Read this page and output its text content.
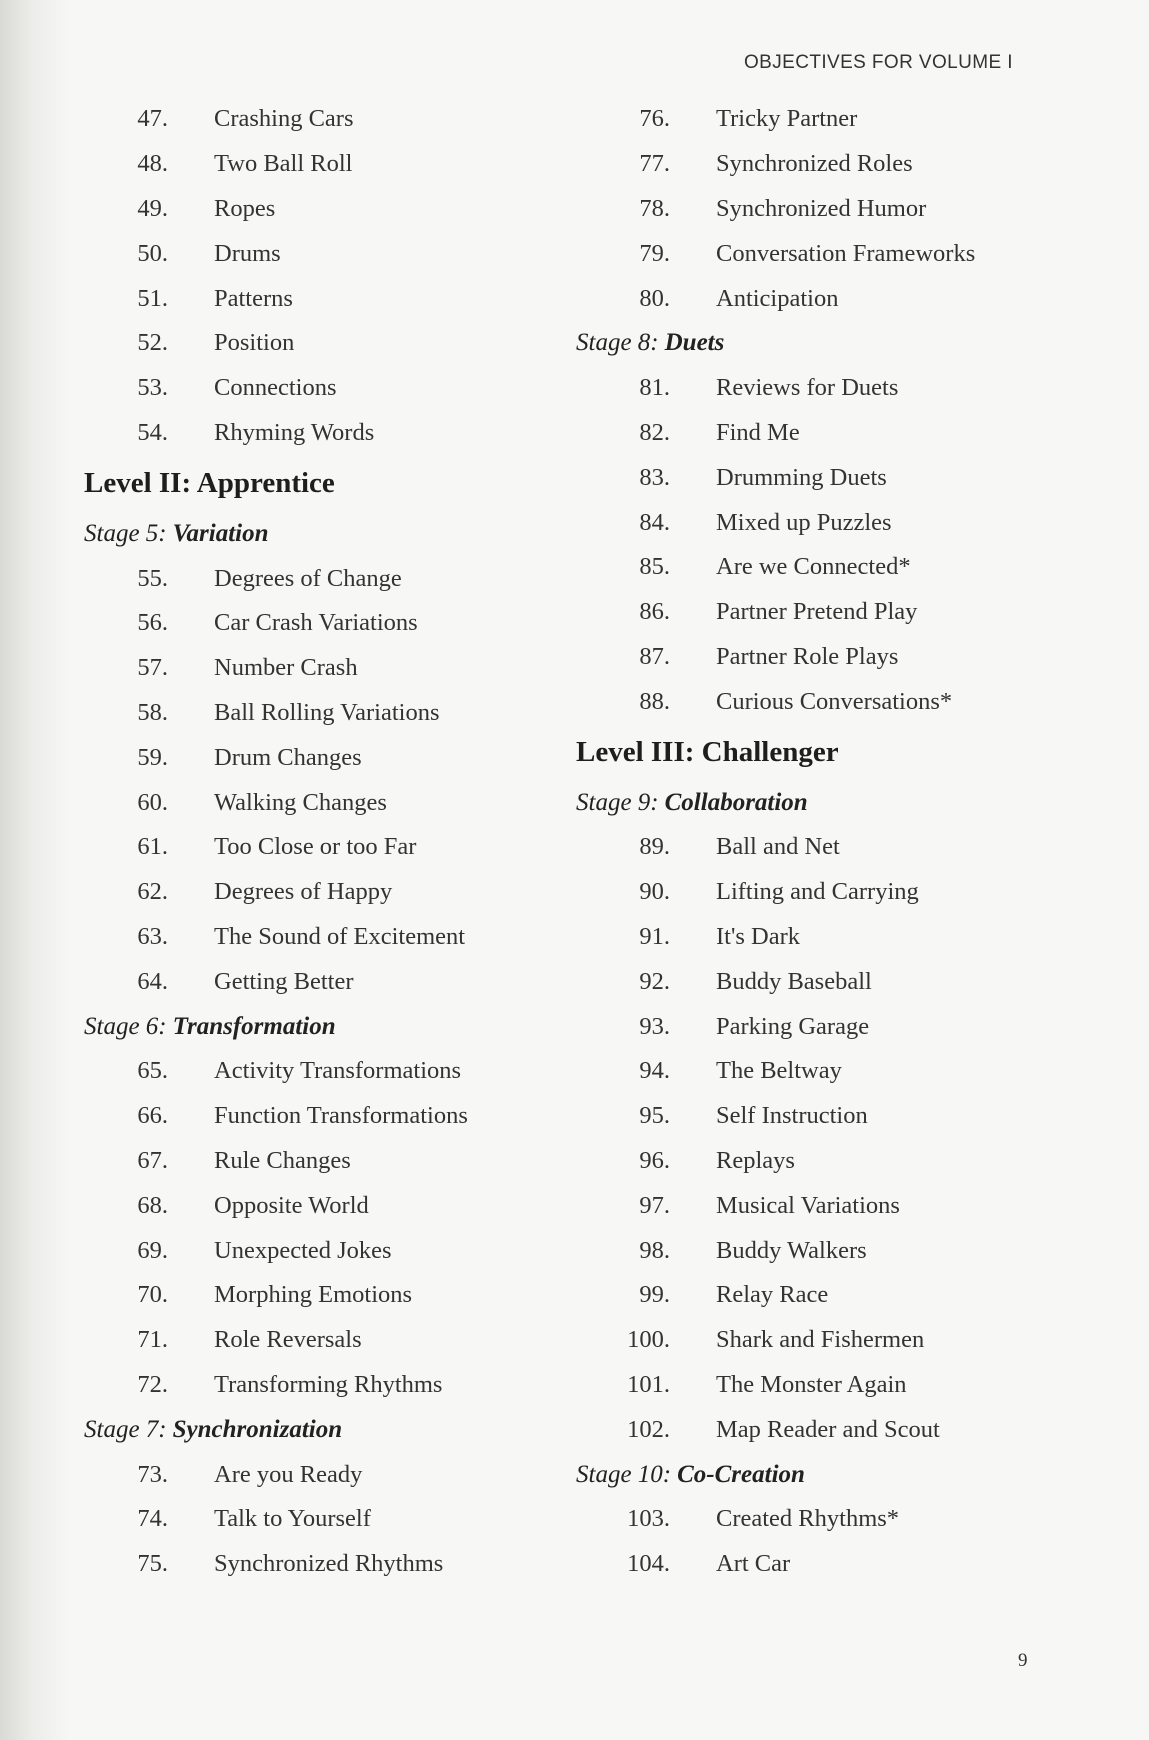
OBJECTIVES FOR VOLUME I
47. Crashing Cars
48. Two Ball Roll
49. Ropes
50. Drums
51. Patterns
52. Position
53. Connections
54. Rhyming Words
Level II: Apprentice
Stage 5: Variation
55. Degrees of Change
56. Car Crash Variations
57. Number Crash
58. Ball Rolling Variations
59. Drum Changes
60. Walking Changes
61. Too Close or too Far
62. Degrees of Happy
63. The Sound of Excitement
64. Getting Better
Stage 6: Transformation
65. Activity Transformations
66. Function Transformations
67. Rule Changes
68. Opposite World
69. Unexpected Jokes
70. Morphing Emotions
71. Role Reversals
72. Transforming Rhythms
Stage 7: Synchronization
73. Are you Ready
74. Talk to Yourself
75. Synchronized Rhythms
76. Tricky Partner
77. Synchronized Roles
78. Synchronized Humor
79. Conversation Frameworks
80. Anticipation
Stage 8: Duets
81. Reviews for Duets
82. Find Me
83. Drumming Duets
84. Mixed up Puzzles
85. Are we Connected*
86. Partner Pretend Play
87. Partner Role Plays
88. Curious Conversations*
Level III: Challenger
Stage 9: Collaboration
89. Ball and Net
90. Lifting and Carrying
91. It's Dark
92. Buddy Baseball
93. Parking Garage
94. The Beltway
95. Self Instruction
96. Replays
97. Musical Variations
98. Buddy Walkers
99. Relay Race
100. Shark and Fishermen
101. The Monster Again
102. Map Reader and Scout
Stage 10: Co-Creation
103. Created Rhythms*
104. Art Car
9
